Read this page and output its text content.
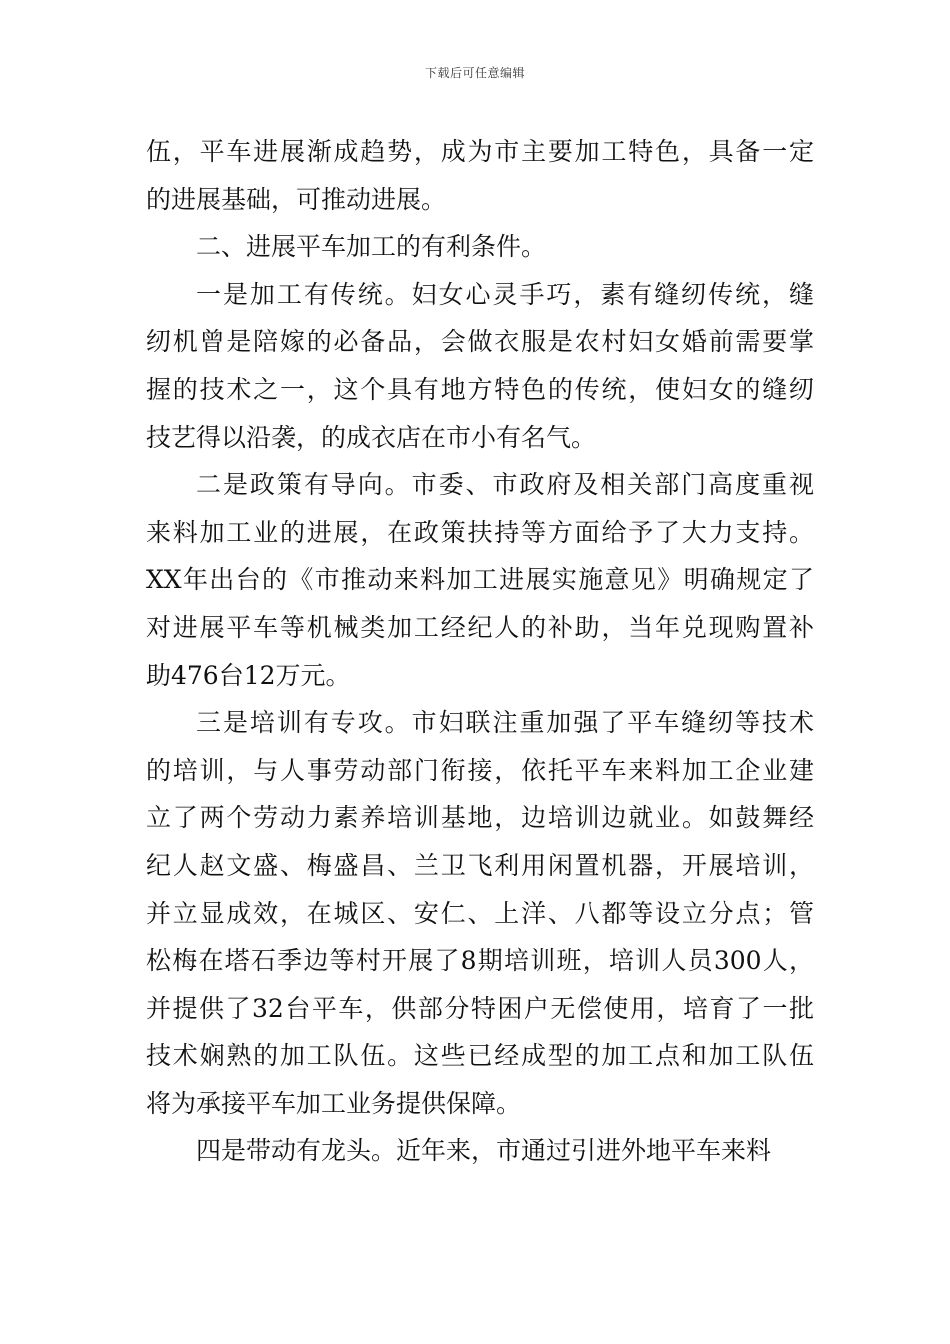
下载后可任意编辑
伍，平车进展渐成趋势，成为市主要加工特色，具备一定
的进展基础，可推动进展。
二、进展平车加工的有利条件。
一是加工有传统。妇女心灵手巧，素有缝纫传统，缝
纫机曾是陪嫁的必备品，会做衣服是农村妇女婚前需要掌
握的技术之一，这个具有地方特色的传统，使妇女的缝纫
技艺得以沿袭，的成衣店在市小有名气。
二是政策有导向。市委、市政府及相关部门高度重视
来料加工业的进展，在政策扶持等方面给予了大力支持。
XX年出台的《市推动来料加工进展实施意见》明确规定了
对进展平车等机械类加工经纪人的补助，当年兑现购置补
助476台12万元。
三是培训有专攻。市妇联注重加强了平车缝纫等技术
的培训，与人事劳动部门衔接，依托平车来料加工企业建
立了两个劳动力素养培训基地，边培训边就业。如鼓舞经
纪人赵文盛、梅盛昌、兰卫飞利用闲置机器，开展培训，
并立显成效，在城区、安仁、上洋、八都等设立分点；管
松梅在塔石季边等村开展了8期培训班，培训人员300人，
并提供了32台平车，供部分特困户无偿使用，培育了一批
技术娴熟的加工队伍。这些已经成型的加工点和加工队伍
将为承接平车加工业务提供保障。
四是带动有龙头。近年来，市通过引进外地平车来料
